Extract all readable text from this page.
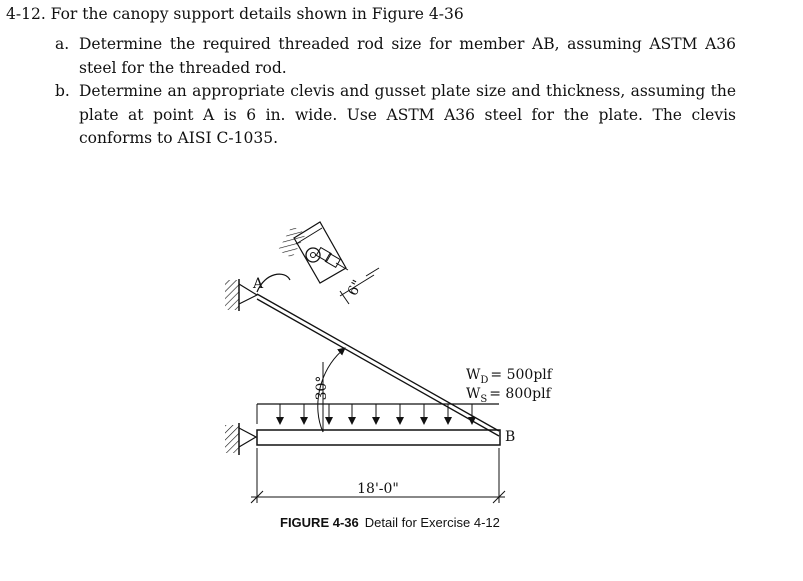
4-12. For the canopy support details shown in Figure 4-36
a. Determine the required threaded rod size for member AB, assuming ASTM A36 steel for the threaded rod.
b. Determine an appropriate clevis and gusset plate size and thickness, assuming the plate at point A is 6 in. wide. Use ASTM A36 steel for the plate. The clevis conforms to AISI C-1035.
6"
A
B
30°
$W_D = 500plf$
$W_S = 800plf$
18'-0"
FIGURE 4-36 Detail for Exercise 4-12
